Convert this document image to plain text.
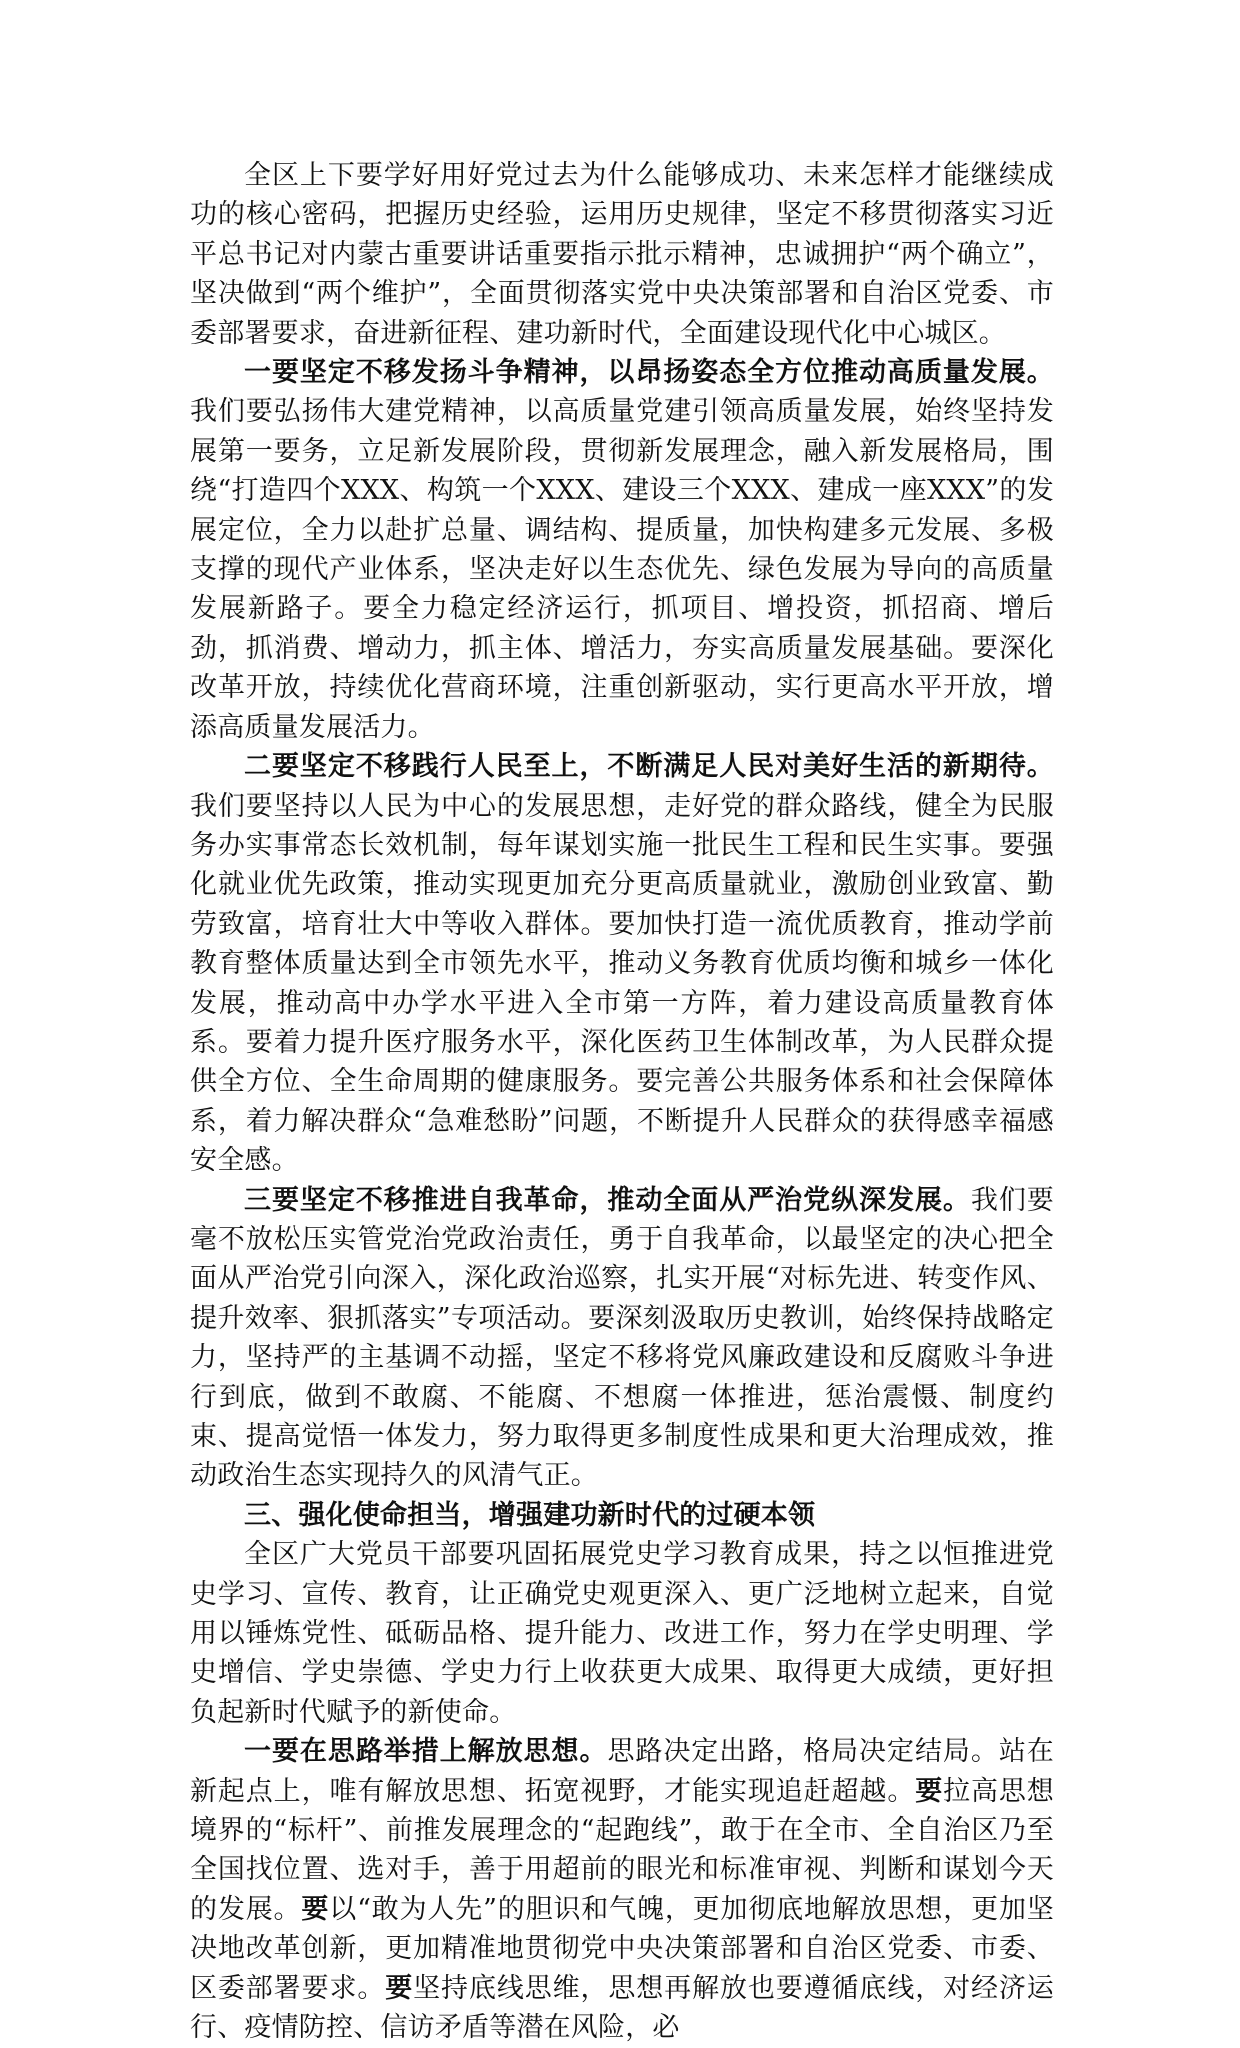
全区上下要学好用好党过去为什么能够成功、未来怎样才能继续成功的核心密码，把握历史经验，运用历史规律，坚定不移贯彻落实习近平总书记对内蒙古重要讲话重要指示批示精神，忠诚拥护“两个确立”，坚决做到“两个维护”，全面贯彻落实党中央决策部署和自治区党委、市委部署要求，奋进新征程、建功新时代，全面建设现代化中心城区。

一要坚定不移发扬斗争精神，以昂扬姿态全方位推动高质量发展。我们要弘扬伟大建党精神，以高质量党建引领高质量发展，始终坚持发展第一要务，立足新发展阶段，贯彻新发展理念，融入新发展格局，围绕“打造四个XXX、构筑一个XXX、建设三个XXX、建成一座XXX”的发展定位，全力以赴扩总量、调结构、提质量，加快构建多元发展、多极支撑的现代产业体系，坚决走好以生态优先、绿色发展为导向的高质量发展新路子。要全力稳定经济运行，抓项目、增投资，抓招商、增后劲，抓消费、增动力，抓主体、增活力，夯实高质量发展基础。要深化改革开放，持续优化营商环境，注重创新驱动，实行更高水平开放，增添高质量发展活力。

二要坚定不移践行人民至上，不断满足人民对美好生活的新期待。我们要坚持以人民为中心的发展思想，走好党的群众路线，健全为民服务办实事常态长效机制，每年谋划实施一批民生工程和民生实事。要强化就业优先政策，推动实现更加充分更高质量就业，激励创业致富、勤劳致富，培育壮大中等收入群体。要加快打造一流优质教育，推动学前教育整体质量达到全市领先水平，推动义务教育优质均衡和城乡一体化发展，推动高中办学水平进入全市第一方阵，着力建设高质量教育体系。要着力提升医疗服务水平，深化医药卫生体制改革，为人民群众提供全方位、全生命周期的健康服务。要完善公共服务体系和社会保障体系，着力解决群众“急难愁盼”问题，不断提升人民群众的获得感幸福感安全感。

三要坚定不移推进自我革命，推动全面从严治党纵深发展。我们要毫不放松压实管党治党政治责任，勇于自我革命，以最坚定的决心把全面从严治党引向深入，深化政治巡察，扎实开展“对标先进、转变作风、提升效率、狠抓落实”专项活动。要深刻汲取历史教训，始终保持战略定力，坚持严的主基调不动摇，坚定不移将党风廉政建设和反腐败斗争进行到底，做到不敢腐、不能腐、不想腐一体推进，惩治震慑、制度约束、提高觉悟一体发力，努力取得更多制度性成果和更大治理成效，推动政治生态实现持久的风清气正。

三、强化使命担当，增强建功新时代的过硬本领

全区广大党员干部要巩固拓展党史学习教育成果，持之以恒推进党史学习、宣传、教育，让正确党史观更深入、更广泛地树立起来，自觉用以锤炼党性、砥砺品格、提升能力、改进工作，努力在学史明理、学史增信、学史崇德、学史力行上收获更大成果、取得更大成绩，更好担负起新时代赋予的新使命。

一要在思路举措上解放思想。思路决定出路，格局决定结局。站在新起点上，唯有解放思想、拓宽视野，才能实现追赶超越。要拉高思想境界的“标杆”、前推发展理念的“起跑线”，敢于在全市、全自治区乃至全国找位置、选对手，善于用超前的眼光和标准审视、判断和谋划今天的发展。要以“敢为人先”的胆识和气魄，更加彻底地解放思想，更加坚决地改革创新，更加精准地贯彻党中央决策部署和自治区党委、市委、区委部署要求。要坚持底线思维，思想再解放也要遵循底线，对经济运行、疫情防控、信访矛盾等潜在风险，必
